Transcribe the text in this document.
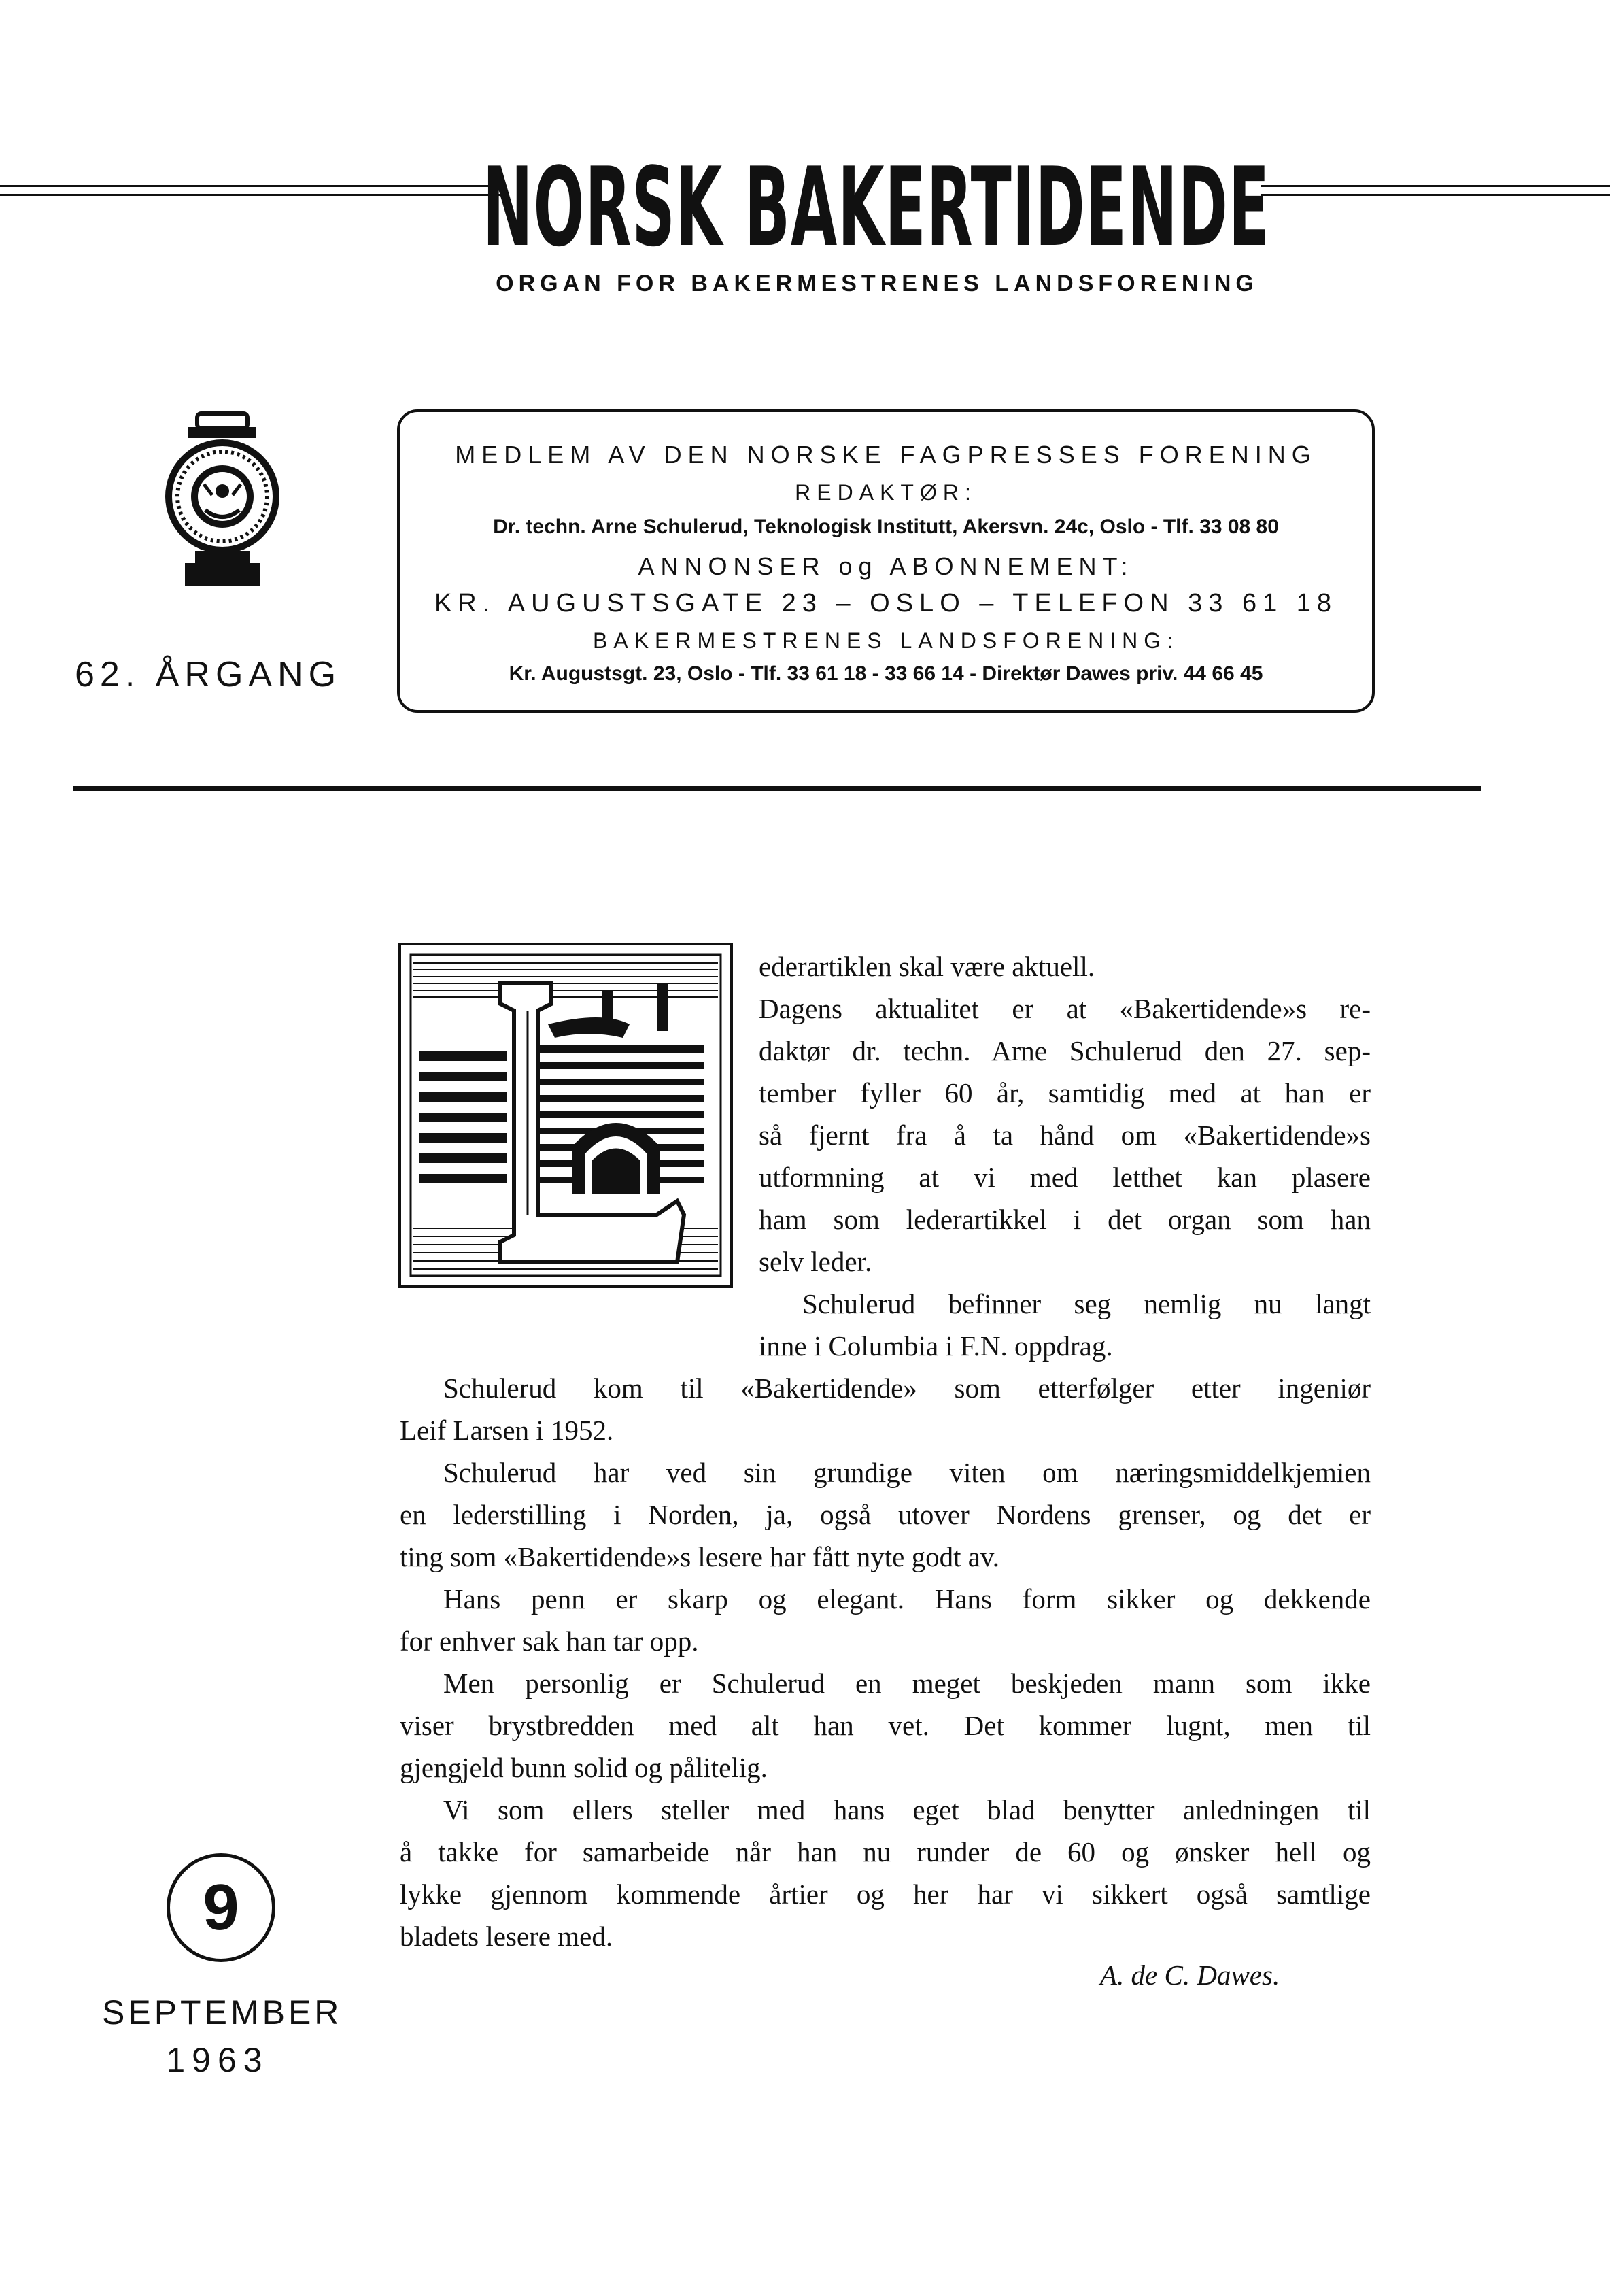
NORSK BAKERTIDENDE
ORGAN FOR BAKERMESTRENES LANDSFORENING
62. ÅRGANG
MEDLEM AV DEN NORSKE FAGPRESSES FORENING
REDAKTØR:
Dr. techn. Arne Schulerud, Teknologisk Institutt, Akersvn. 24c, Oslo - Tlf. 33 08 80
ANNONSER og ABONNEMENT:
KR. AUGUSTSGATE 23 – OSLO – TELEFON 33 61 18
BAKERMESTRENES LANDSFORENING:
Kr. Augustsgt. 23, Oslo - Tlf. 33 61 18 - 33 66 14 - Direktør Dawes priv. 44 66 45
ederartiklen skal være aktuell.
Dagens aktualitet er at «Bakertidende»s re-
daktør dr. techn. Arne Schulerud den 27. sep-
tember fyller 60 år, samtidig med at han er
så fjernt fra å ta hånd om «Bakertidende»s
utformning at vi med letthet kan plasere
ham som lederartikkel i det organ som han
selv leder.
Schulerud befinner seg nemlig nu langt
inne i Columbia i F.N. oppdrag.
Schulerud kom til «Bakertidende» som etterfølger etter ingeniør
Leif Larsen i 1952.
Schulerud har ved sin grundige viten om næringsmiddelkjemien
en lederstilling i Norden, ja, også utover Nordens grenser, og det er
ting som «Bakertidende»s lesere har fått nyte godt av.
Hans penn er skarp og elegant. Hans form sikker og dekkende
for enhver sak han tar opp.
Men personlig er Schulerud en meget beskjeden mann som ikke
viser brystbredden med alt han vet. Det kommer lugnt, men til
gjengjeld bunn solid og pålitelig.
Vi som ellers steller med hans eget blad benytter anledningen til
å takke for samarbeide når han nu runder de 60 og ønsker hell og
lykke gjennom kommende årtier og her har vi sikkert også samtlige
bladets lesere med.
A. de C. Dawes.
9
SEPTEMBER
1963
